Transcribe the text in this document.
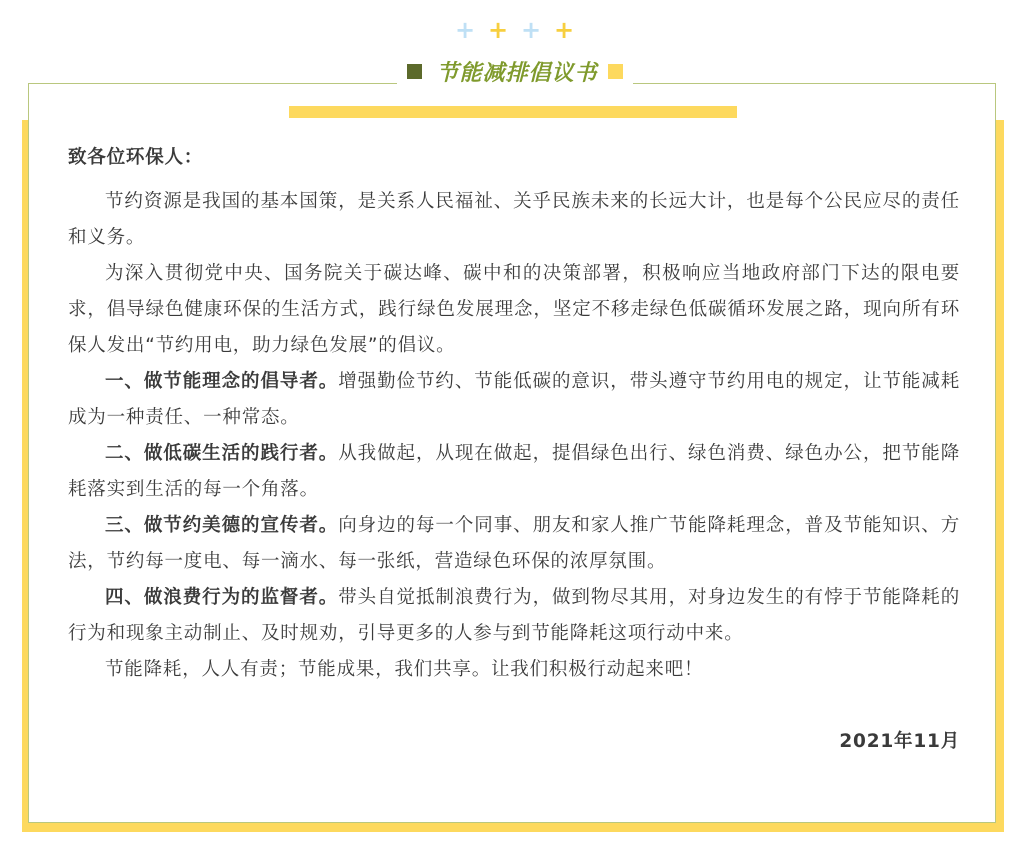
+ + + +
节能减排倡议书

致各位环保人：

节约资源是我国的基本国策，是关系人民福祉、关乎民族未来的长远大计，也是每个公民应尽的责任和义务。

为深入贯彻党中央、国务院关于碳达峰、碳中和的决策部署，积极响应当地政府部门下达的限电要求，倡导绿色健康环保的生活方式，践行绿色发展理念，坚定不移走绿色低碳循环发展之路，现向所有环保人发出“节约用电，助力绿色发展”的倡议。

一、做节能理念的倡导者。增强勤俭节约、节能低碳的意识，带头遵守节约用电的规定，让节能减耗成为一种责任、一种常态。

二、做低碳生活的践行者。从我做起，从现在做起，提倡绿色出行、绿色消费、绿色办公，把节能降耗落实到生活的每一个角落。

三、做节约美德的宣传者。向身边的每一个同事、朋友和家人推广节能降耗理念，普及节能知识、方法，节约每一度电、每一滴水、每一张纸，营造绿色环保的浓厚氛围。

四、做浪费行为的监督者。带头自觉抵制浪费行为，做到物尽其用，对身边发生的有悖于节能降耗的行为和现象主动制止、及时规劝，引导更多的人参与到节能降耗这项行动中来。

节能降耗，人人有责；节能成果，我们共享。让我们积极行动起来吧！

2021年11月
